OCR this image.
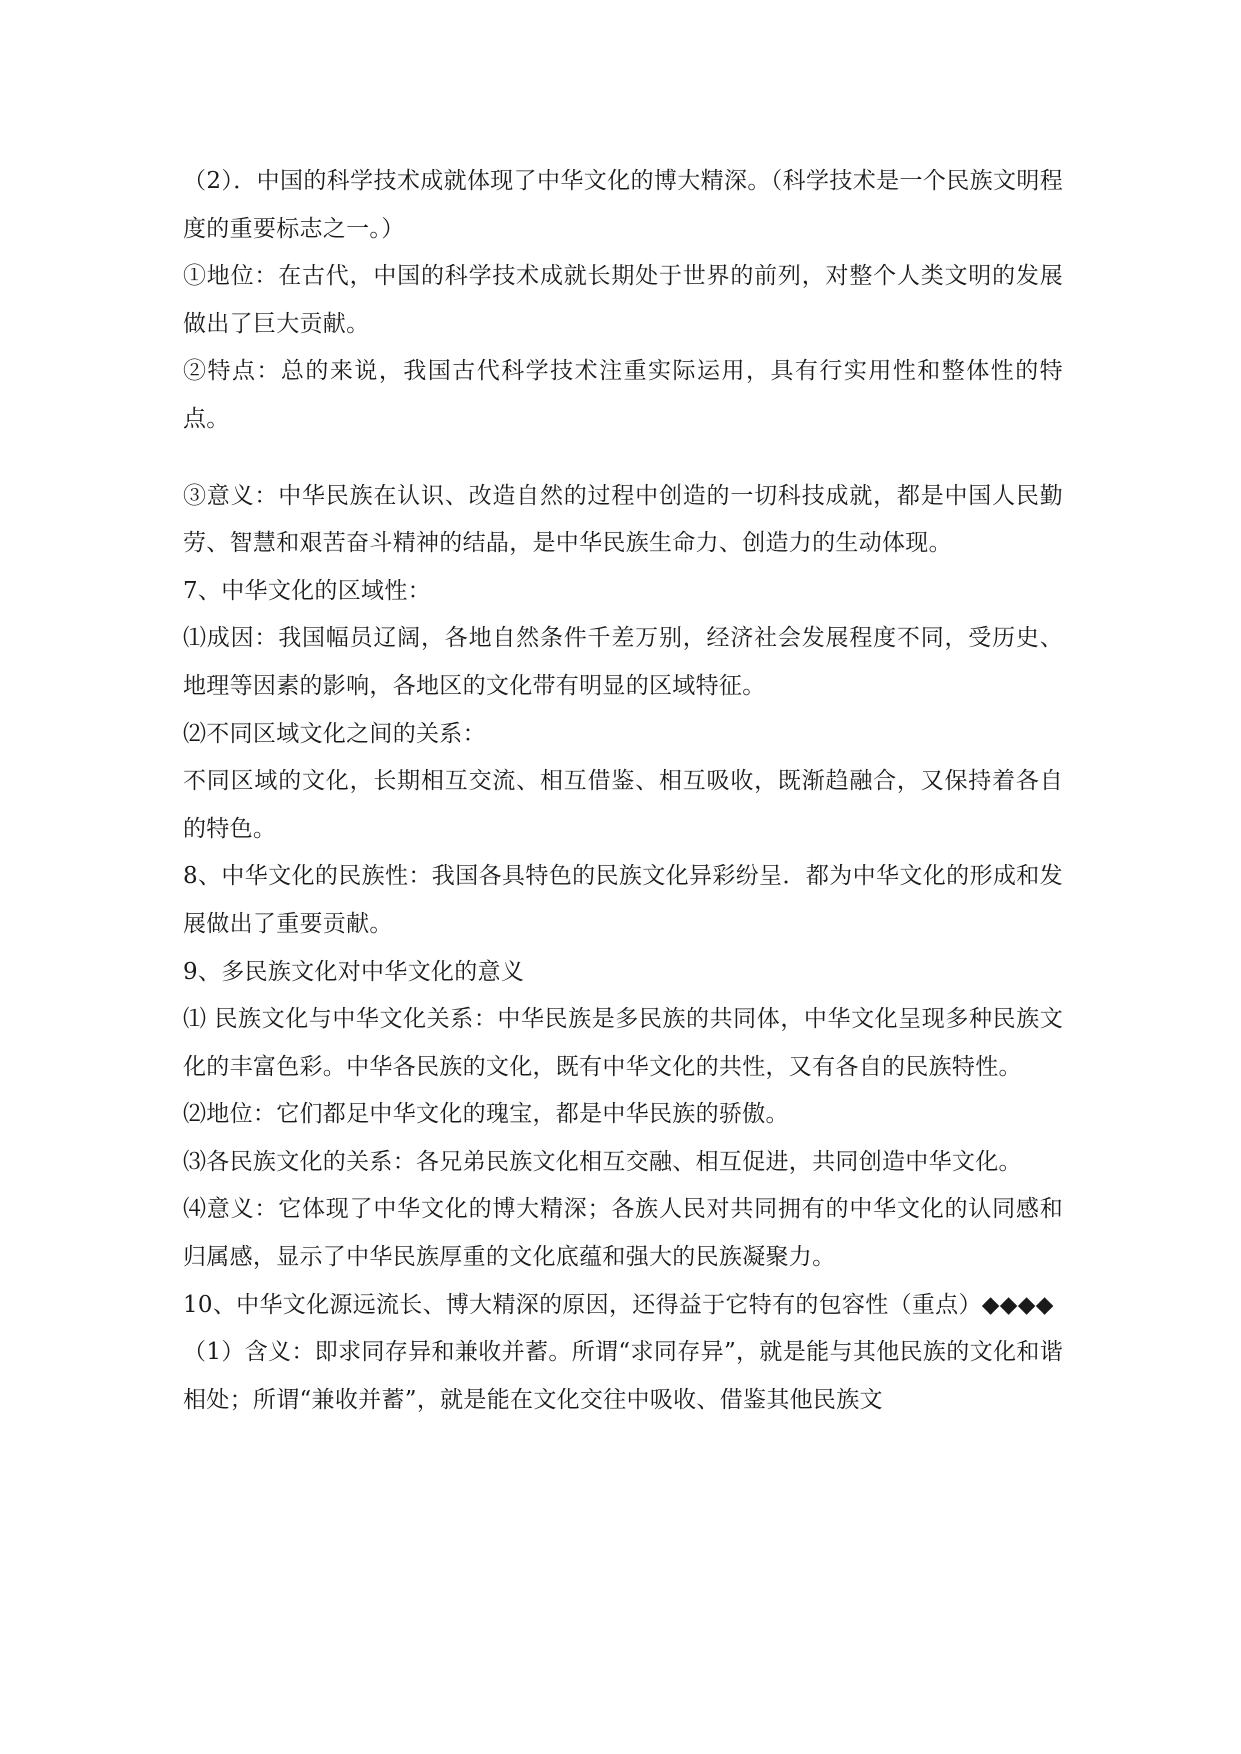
（2）．中国的科学技术成就体现了中华文化的博大精深。（科学技术是一个民族文明程度的重要标志之一。）

①地位：在古代，中国的科学技术成就长期处于世界的前列，对整个人类文明的发展做出了巨大贡献。

②特点：总的来说，我国古代科学技术注重实际运用，具有行实用性和整体性的特点。

③意义：中华民族在认识、改造自然的过程中创造的一切科技成就，都是中国人民勤劳、智慧和艰苦奋斗精神的结晶，是中华民族生命力、创造力的生动体现。

7、中华文化的区域性：

⑴成因：我国幅员辽阔，各地自然条件千差万别，经济社会发展程度不同，受历史、地理等因素的影响，各地区的文化带有明显的区域特征。

⑵不同区域文化之间的关系：

不同区域的文化，长期相互交流、相互借鉴、相互吸收，既渐趋融合，又保持着各自的特色。

8、中华文化的民族性：我国各具特色的民族文化异彩纷呈．都为中华文化的形成和发展做出了重要贡献。

9、多民族文化对中华文化的意义

⑴ 民族文化与中华文化关系：中华民族是多民族的共同体，中华文化呈现多种民族文化的丰富色彩。中华各民族的文化，既有中华文化的共性，又有各自的民族特性。

⑵地位：它们都足中华文化的瑰宝，都是中华民族的骄傲。

⑶各民族文化的关系：各兄弟民族文化相互交融、相互促进，共同创造中华文化。

⑷意义：它体现了中华文化的博大精深；各族人民对共同拥有的中华文化的认同感和归属感，显示了中华民族厚重的文化底蕴和强大的民族凝聚力。

10、中华文化源远流长、博大精深的原因，还得益于它特有的包容性（重点）◆◆◆◆

（1）含义：即求同存异和兼收并蓄。所谓“求同存异”，就是能与其他民族的文化和谐相处；所谓“兼收并蓄”，就是能在文化交往中吸收、借鉴其他民族文
